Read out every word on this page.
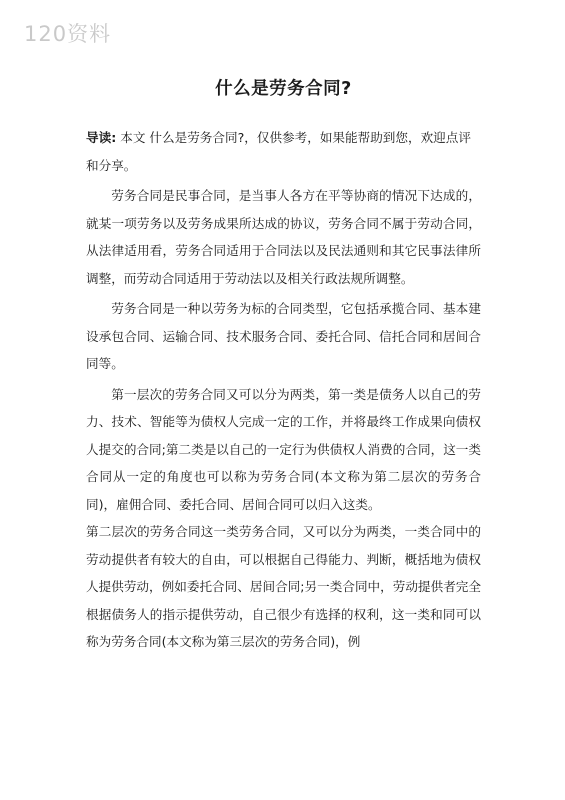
120资料
什么是劳务合同?

导读: 本文 什么是劳务合同?，仅供参考，如果能帮助到您，欢迎点评和分享。

劳务合同是民事合同，是当事人各方在平等协商的情况下达成的，就某一项劳务以及劳务成果所达成的协议，劳务合同不属于劳动合同，从法律适用看，劳务合同适用于合同法以及民法通则和其它民事法律所调整，而劳动合同适用于劳动法以及相关行政法规所调整。

劳务合同是一种以劳务为标的合同类型，它包括承揽合同、基本建设承包合同、运输合同、技术服务合同、委托合同、信托合同和居间合同等。

第一层次的劳务合同又可以分为两类，第一类是债务人以自己的劳力、技术、智能等为债权人完成一定的工作，并将最终工作成果向债权人提交的合同;第二类是以自己的一定行为供债权人消费的合同，这一类合同从一定的角度也可以称为劳务合同(本文称为第二层次的劳务合同)，雇佣合同、委托合同、居间合同可以归入这类。

第二层次的劳务合同这一类劳务合同，又可以分为两类，一类合同中的劳动提供者有较大的自由，可以根据自己得能力、判断，概括地为债权人提供劳动，例如委托合同、居间合同;另一类合同中，劳动提供者完全根据债务人的指示提供劳动，自己很少有选择的权利，这一类和同可以称为劳务合同(本文称为第三层次的劳务合同)，例
